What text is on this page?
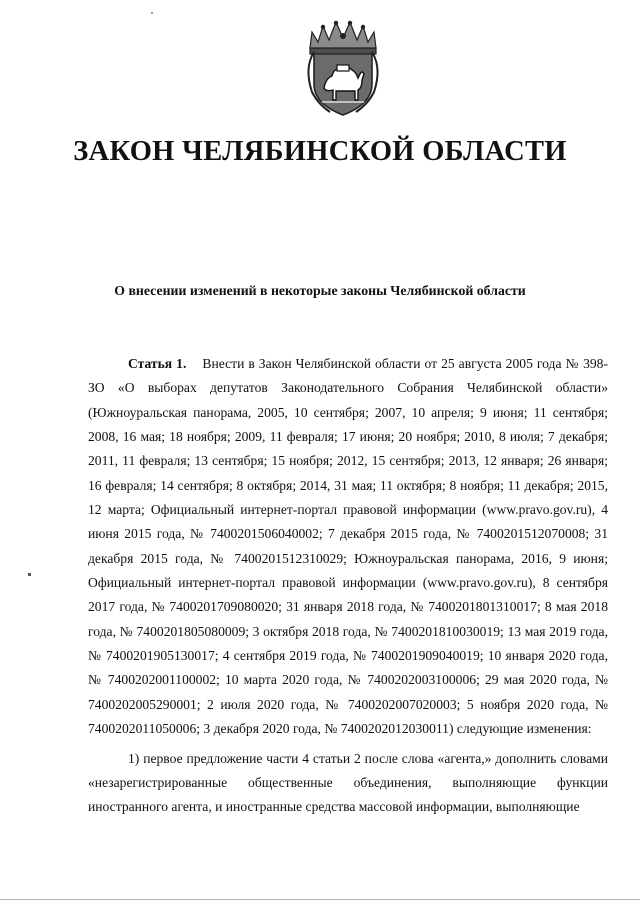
ЗАКОН ЧЕЛЯБИНСКОЙ ОБЛАСТИ
О внесении изменений в некоторые законы Челябинской области

Статья 1. Внести в Закон Челябинской области от 25 августа 2005 года № 398-ЗО «О выборах депутатов Законодательного Собрания Челябинской области» (Южноуральская панорама, 2005, 10 сентября; 2007, 10 апреля; 9 июня; 11 сентября; 2008, 16 мая; 18 ноября; 2009, 11 февраля; 17 июня; 20 ноября; 2010, 8 июля; 7 декабря; 2011, 11 февраля; 13 сентября; 15 ноября; 2012, 15 сентября; 2013, 12 января; 26 января; 16 февраля; 14 сентября; 8 октября; 2014, 31 мая; 11 октября; 8 ноября; 11 декабря; 2015, 12 марта; Официальный интернет-портал правовой информации (www.pravo.gov.ru), 4 июня 2015 года, № 7400201506040002; 7 декабря 2015 года, № 7400201512070008; 31 декабря 2015 года, № 7400201512310029; Южноуральская панорама, 2016, 9 июня; Официальный интернет-портал правовой информации (www.pravo.gov.ru), 8 сентября 2017 года, № 7400201709080020; 31 января 2018 года, № 7400201801310017; 8 мая 2018 года, № 7400201805080009; 3 октября 2018 года, № 7400201810030019; 13 мая 2019 года, № 7400201905130017; 4 сентября 2019 года, № 7400201909040019; 10 января 2020 года, № 7400202001100002; 10 марта 2020 года, № 7400202003100006; 29 мая 2020 года, № 7400202005290001; 2 июля 2020 года, № 7400202007020003; 5 ноября 2020 года, № 7400202011050006; 3 декабря 2020 года, № 7400202012030011) следующие изменения:

1) первое предложение части 4 статьи 2 после слова «агента,» дополнить словами «незарегистрированные общественные объединения, выполняющие функции иностранного агента, и иностранные средства массовой информации, выполняющие
